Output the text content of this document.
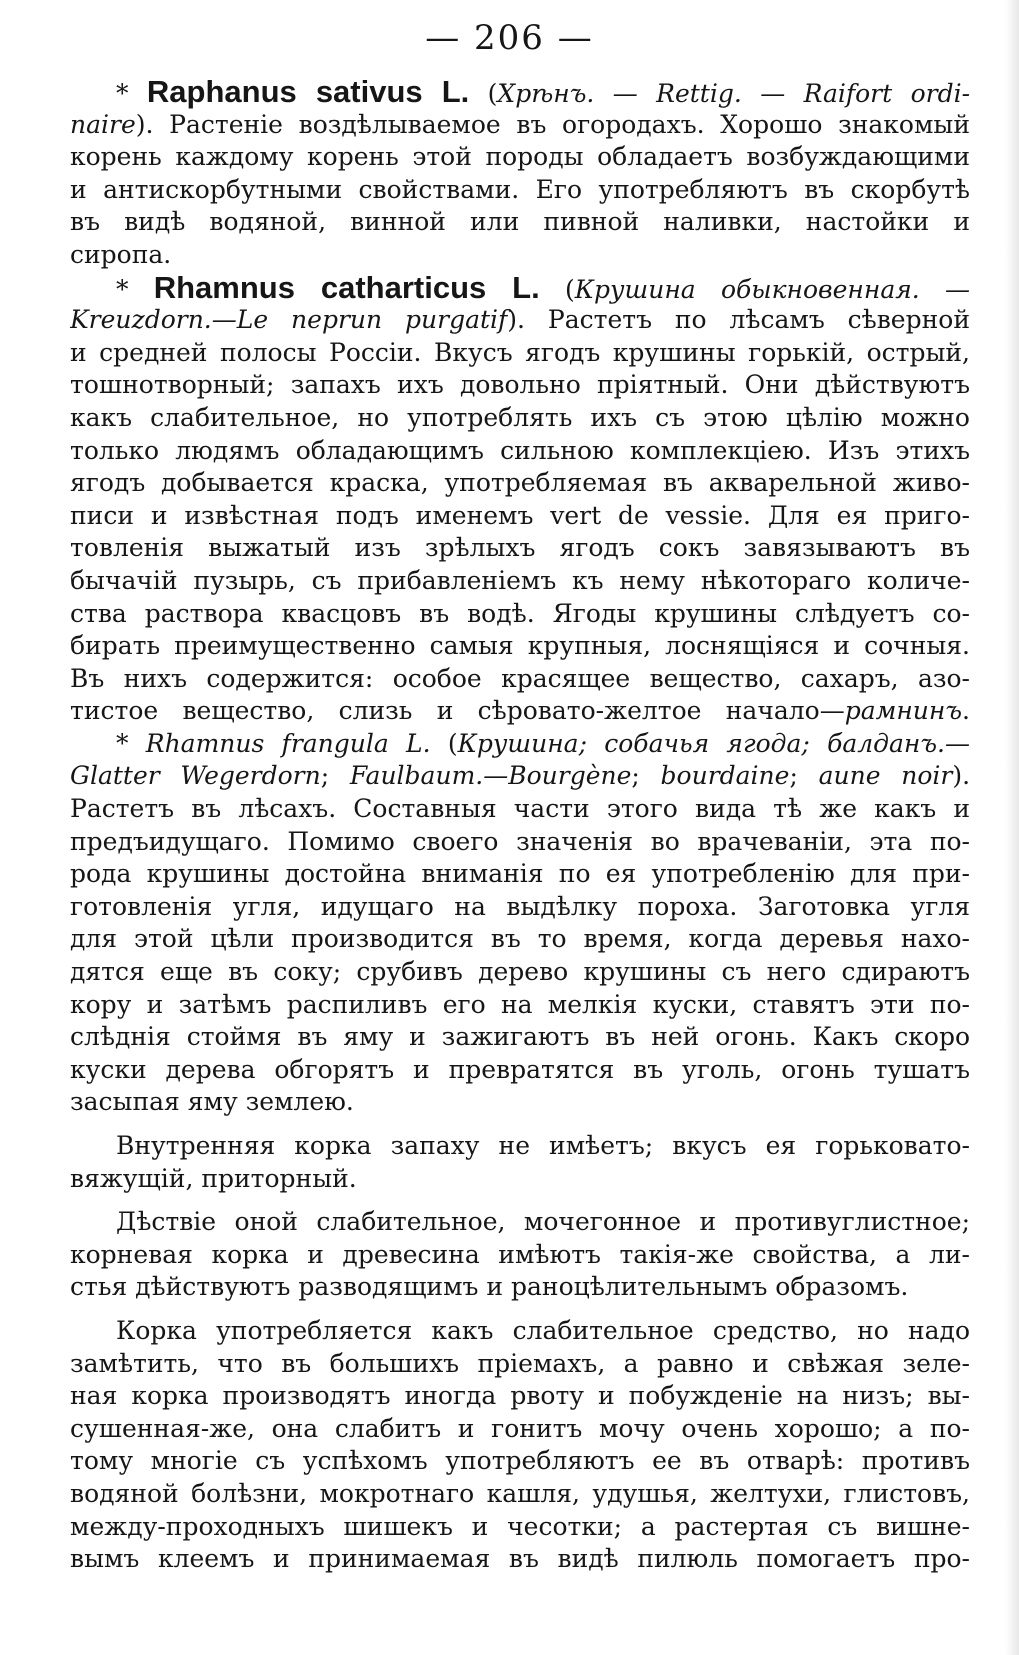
— 206 —
* Raphanus sativus L. (Хрѣнъ. — Rettig. — Raifort ordi-
naire). Растеніе воздѣлываемое въ огородахъ. Хорошо знакомый
корень каждому корень этой породы обладаетъ возбуждающими
и антискорбутными свойствами. Его употребляютъ въ скорбутѣ
въ видѣ водяной, винной или пивной наливки, настойки и
сиропа.
* Rhamnus catharticus L. (Крушина обыкновенная. —
Kreuzdorn.—Le neprun purgatif). Растетъ по лѣсамъ сѣверной
и средней полосы Россіи. Вкусъ ягодъ крушины горькій, острый,
тошнотворный; запахъ ихъ довольно пріятный. Они дѣйствуютъ
какъ слабительное, но употреблять ихъ съ этою цѣлію можно
только людямъ обладающимъ сильною комплекціею. Изъ этихъ
ягодъ добывается краска, употребляемая въ акварельной живо-
писи и извѣстная подъ именемъ vert de vessie. Для ея приго-
товленія выжатый изъ зрѣлыхъ ягодъ сокъ завязываютъ въ
бычачій пузырь, съ прибавленіемъ къ нему нѣкотораго количе-
ства раствора квасцовъ въ водѣ. Ягоды крушины слѣдуетъ со-
бирать преимущественно самыя крупныя, лоснящіяся и сочныя.
Въ нихъ содержится: особое красящее вещество, сахаръ, азо-
тистое вещество, слизь и сѣровато-желтое начало—рамнинъ.
* Rhamnus frangula L. (Крушина; собачья ягода; балданъ.—
Glatter Wegerdorn; Faulbaum.—Bourgène; bourdaine; aune noir).
Растетъ въ лѣсахъ. Составныя части этого вида тѣ же какъ и
предъидущаго. Помимо своего значенія во врачеваніи, эта по-
рода крушины достойна вниманія по ея употребленію для при-
готовленія угля, идущаго на выдѣлку пороха. Заготовка угля
для этой цѣли производится въ то время, когда деревья нахо-
дятся еще въ соку; срубивъ дерево крушины съ него сдираютъ
кору и затѣмъ распиливъ его на мелкія куски, ставятъ эти по-
слѣднія стоймя въ яму и зажигаютъ въ ней огонь. Какъ скоро
куски дерева обгорятъ и превратятся въ уголь, огонь тушатъ
засыпая яму землею.
Внутренняя корка запаху не имѣетъ; вкусъ ея горьковато-
вяжущій, приторный.
Дѣствіе оной слабительное, мочегонное и противуглистное;
корневая корка и древесина имѣютъ такія-же свойства, а ли-
стья дѣйствуютъ разводящимъ и раноцѣлительнымъ образомъ.
Корка употребляется какъ слабительное средство, но надо
замѣтить, что въ большихъ пріемахъ, а равно и свѣжая зеле-
ная корка производятъ иногда рвоту и побужденіе на низъ; вы-
сушенная-же, она слабитъ и гонитъ мочу очень хорошо; а по-
тому многіе съ успѣхомъ употребляютъ ее въ отварѣ: противъ
водяной болѣзни, мокротнаго кашля, удушья, желтухи, глистовъ,
между-проходныхъ шишекъ и чесотки; а растертая съ вишне-
вымъ клеемъ и принимаемая въ видѣ пилюль помогаетъ про-
